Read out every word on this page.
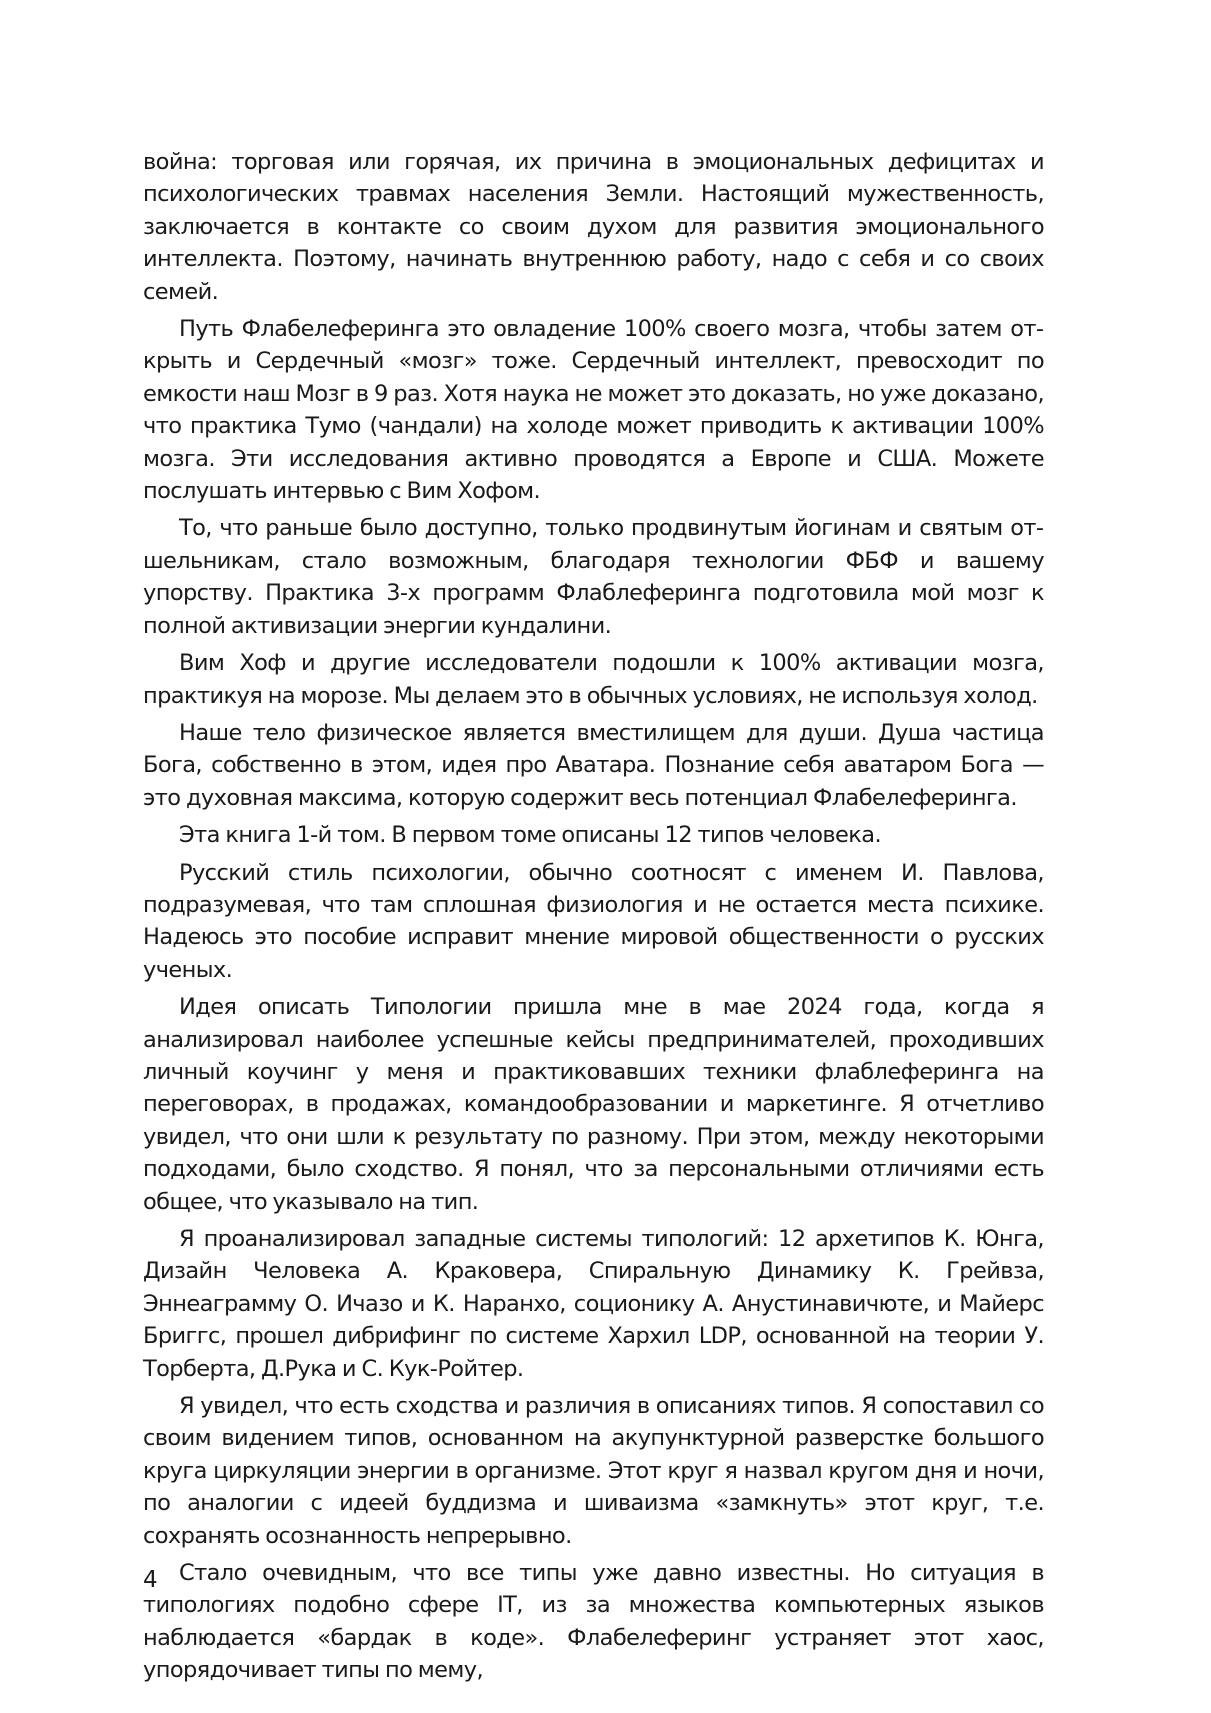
война: торговая или горячая, их причина в эмоциональных дефицитах и психологических травмах населения Земли. Настоящий мужественность, заключается в контакте со своим духом для развития эмоционального интеллекта. Поэтому, начинать внутреннюю работу, надо с себя и со своих семей.

Путь Флабелеферинга это овладение 100% своего мозга, чтобы затем открыть и Сердечный «мозг» тоже. Сердечный интеллект, превосходит по емкости наш Мозг в 9 раз. Хотя наука не может это доказать, но уже доказано, что практика Тумо (чандали) на холоде может приводить к активации 100% мозга. Эти исследования активно проводятся а Европе и США. Можете послушать интервью с Вим Хофом.

То, что раньше было доступно, только продвинутым йогинам и святым отшельникам, стало возможным, благодаря технологии ФБФ и вашему упорству. Практика 3-х программ Флаблеферинга подготовила мой мозг к полной активизации энергии кундалини.

Вим Хоф и другие исследователи подошли к 100% активации мозга, практикуя на морозе. Мы делаем это в обычных условиях, не используя холод.

Наше тело физическое является вместилищем для души. Душа частица Бога, собственно в этом, идея про Аватара. Познание себя аватаром Бога — это духовная максима, которую содержит весь потенциал Флабелеферинга.

Эта книга 1-й том. В первом томе описаны 12 типов человека.

Русский стиль психологии, обычно соотносят с именем И. Павлова, подразумевая, что там сплошная физиология и не остается места психике. Надеюсь это пособие исправит мнение мировой общественности о русских ученых.

Идея описать Типологии пришла мне в мае 2024 года, когда я анализировал наиболее успешные кейсы предпринимателей, проходивших личный коучинг у меня и практиковавших техники флаблеферинга на переговорах, в продажах, командообразовании и маркетинге. Я отчетливо увидел, что они шли к результату по разному. При этом, между некоторыми подходами, было сходство. Я понял, что за персональными отличиями есть общее, что указывало на тип.

Я проанализировал западные системы типологий: 12 архетипов К. Юнга, Дизайн Человека А. Краковера, Спиральную Динамику К. Грейвза, Эннеаграмму О. Ичазо и К. Наранхо, соционику А. Анустинавичюте, и Майерс Бриггс, прошел дибрифинг по системе Хархил LDP, основанной на теории У. Торберта, Д.Рука и С. Кук-Ройтер.

Я увидел, что есть сходства и различия в описаниях типов. Я сопоставил со своим видением типов, основанном на акупунктурной разверстке большого круга циркуляции энергии в организме. Этот круг я назвал кругом дня и ночи, по аналогии с идеей буддизма и шиваизма «замкнуть» этот круг, т.е. сохранять осознанность непрерывно.

Стало очевидным, что все типы уже давно известны. Но ситуация в типологиях подобно сфере IT, из за множества компьютерных языков наблюдается «бардак в коде». Флабелеферинг устраняет этот хаос, упорядочивает типы по мему,

4
